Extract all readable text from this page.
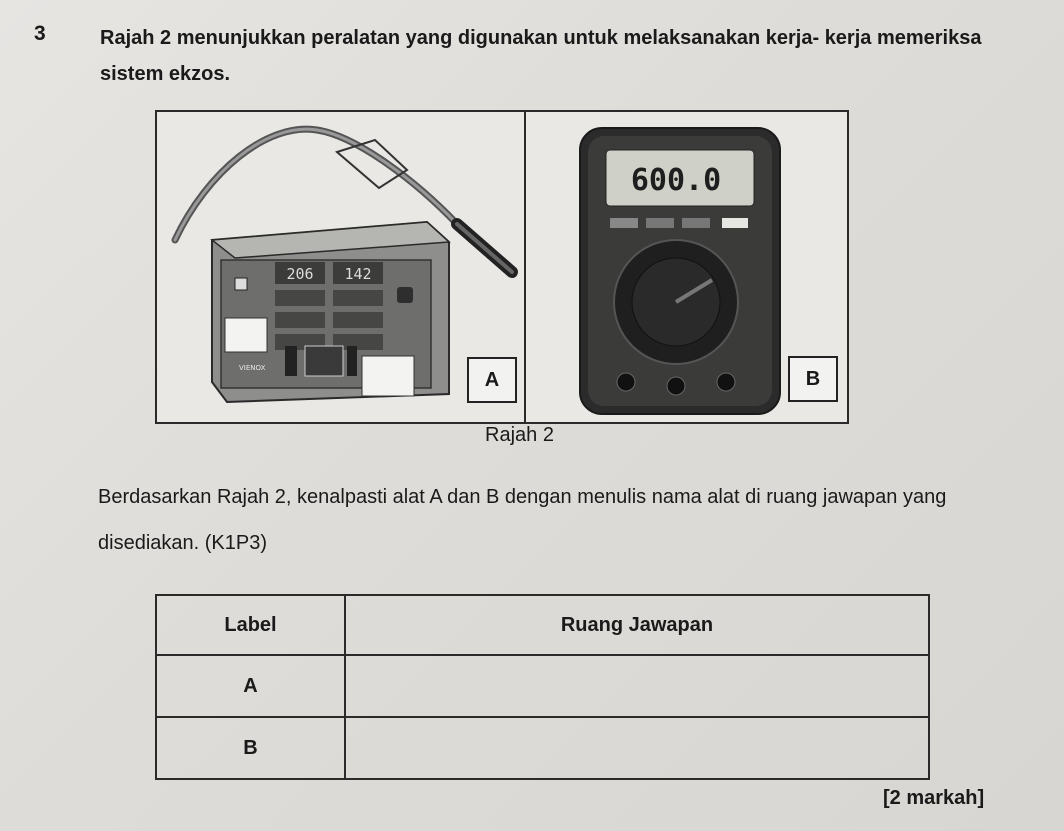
3	Rajah 2 menunjukkan peralatan yang digunakan untuk melaksanakan kerja- kerja memeriksa sistem ekzos.
206 142
VIENOX
A
600.0
B
Rajah 2
Berdasarkan Rajah 2, kenalpasti alat A dan B dengan menulis nama alat di ruang jawapan yang disediakan. (K1P3)
Label	Ruang Jawapan
A	
B	
[2 markah]
